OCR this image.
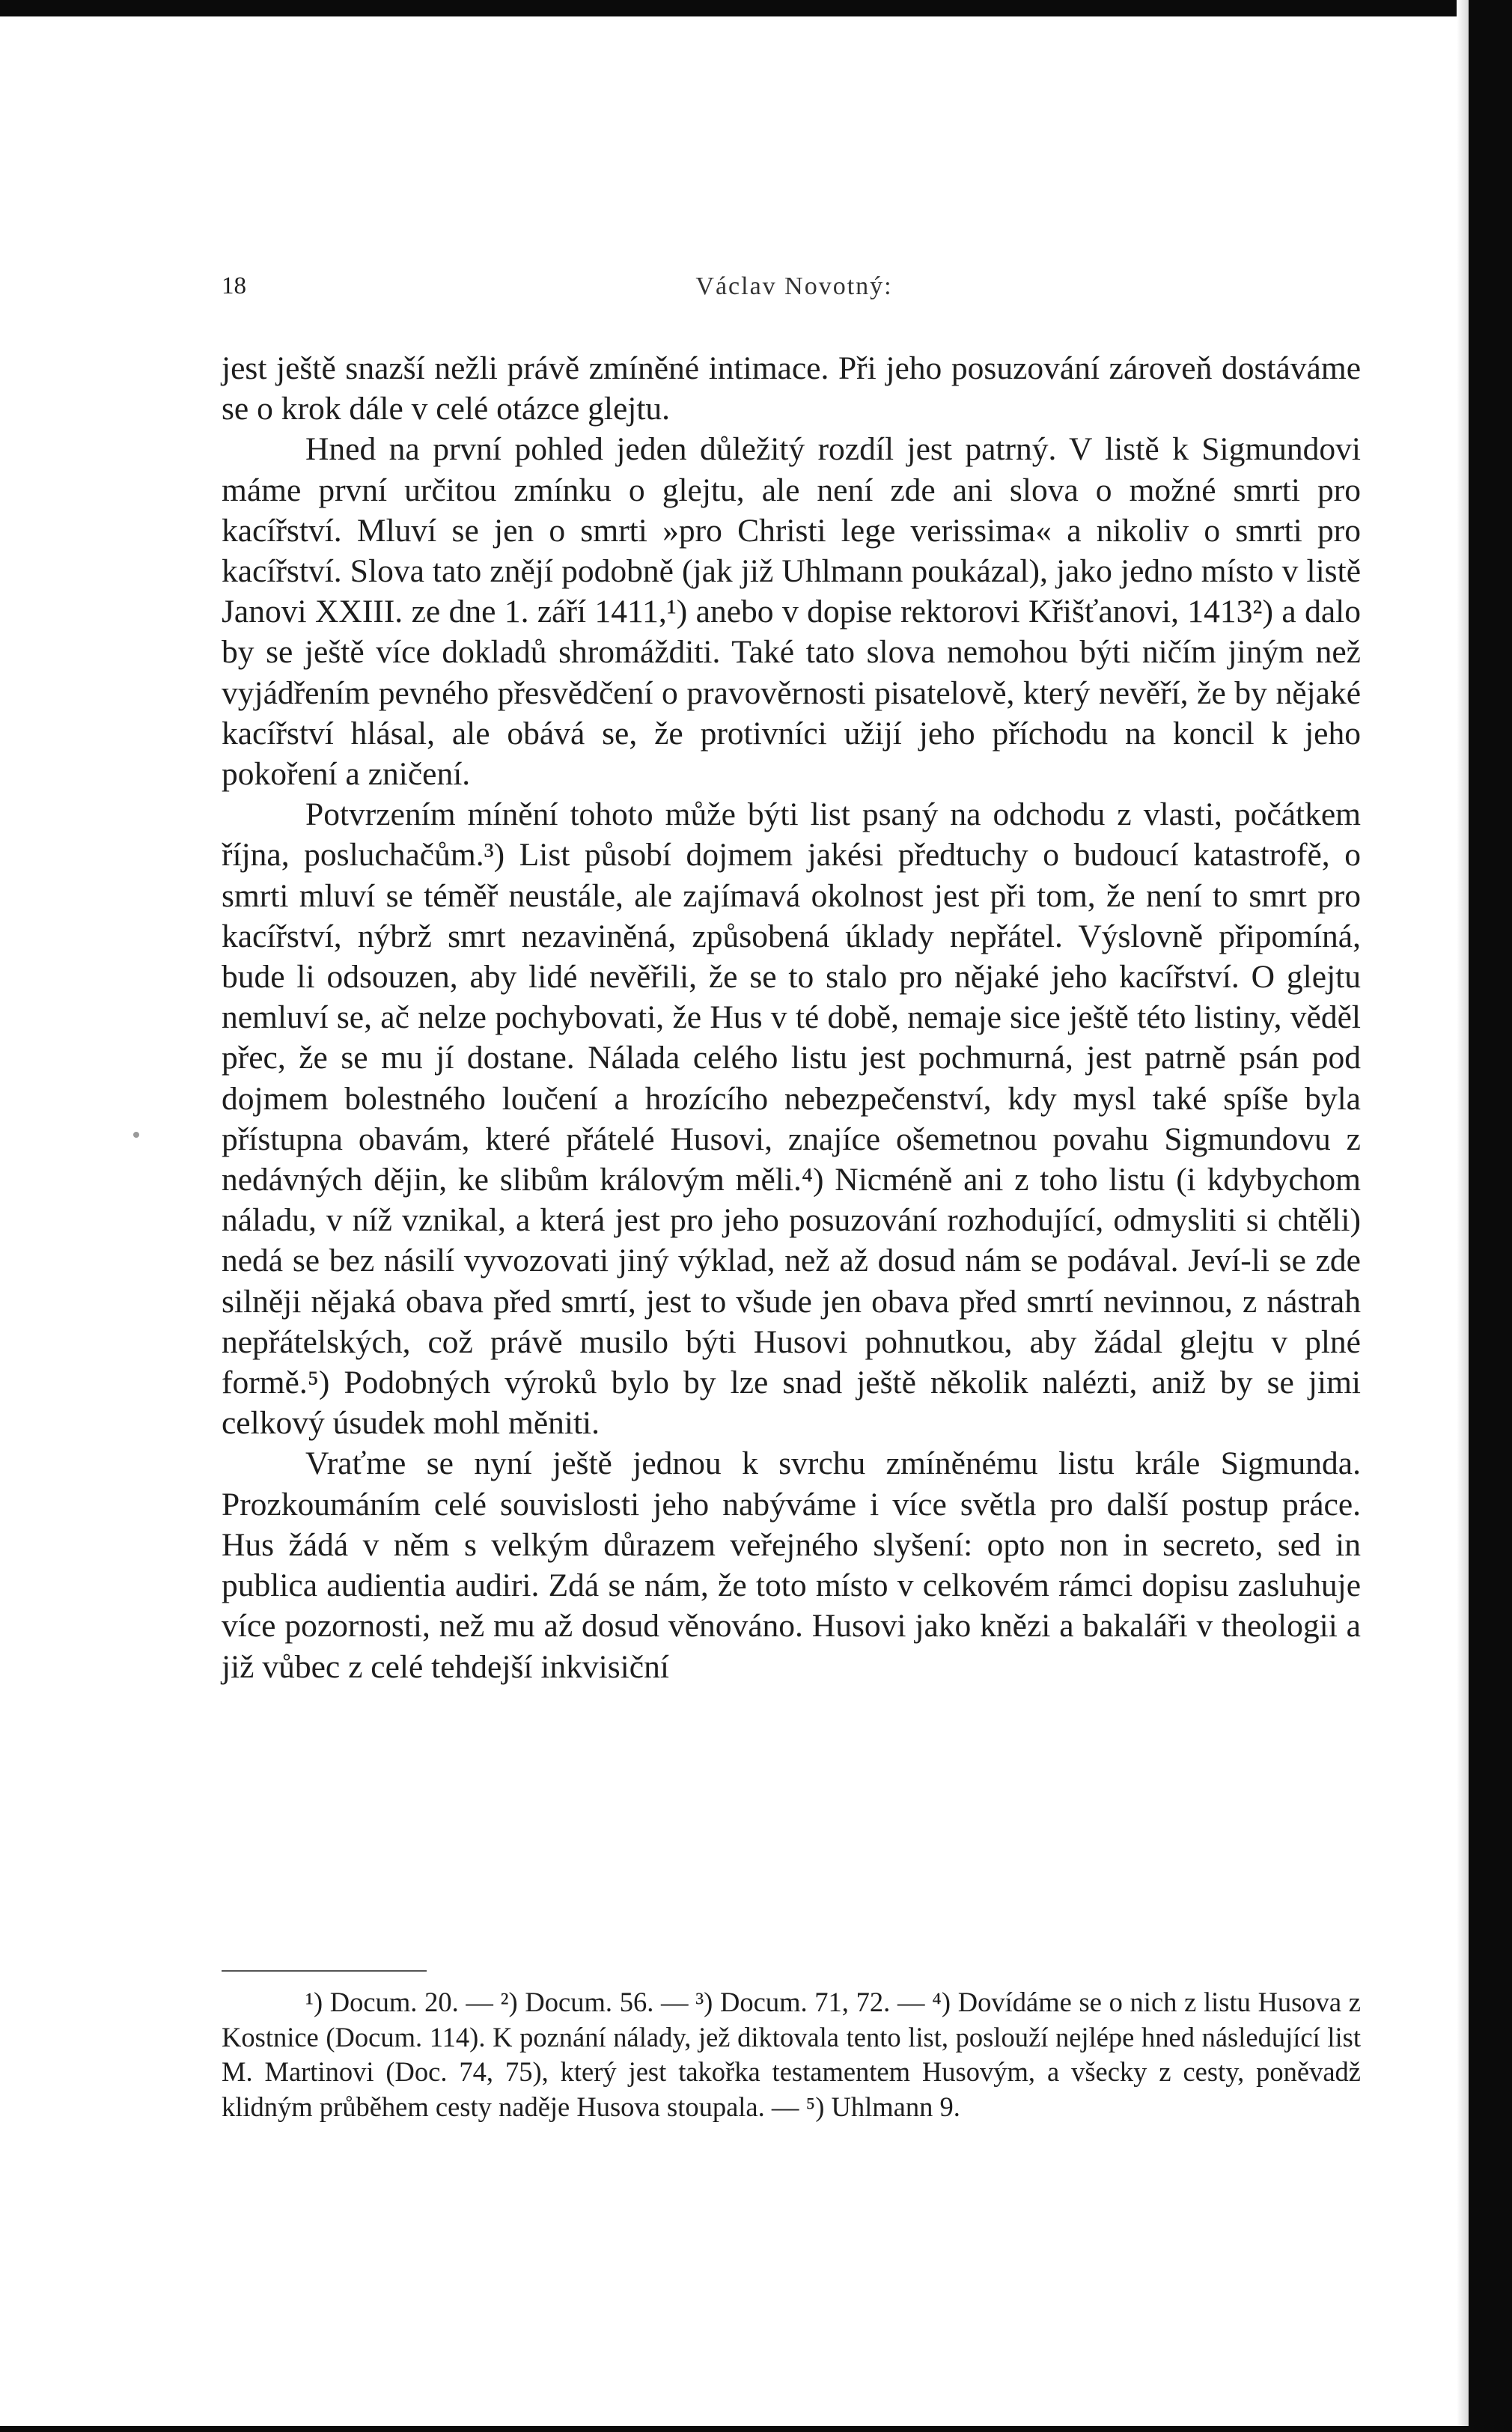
18	Václav Novotný:

jest ještě snazší nežli právě zmíněné intimace. Při jeho posuzování zároveň dostáváme se o krok dále v celé otázce glejtu.

Hned na první pohled jeden důležitý rozdíl jest patrný. V listě k Sigmundovi máme první určitou zmínku o glejtu, ale není zde ani slova o možné smrti pro kacířství. Mluví se jen o smrti »pro Christi lege verissima« a nikoliv o smrti pro kacířství. Slova tato znějí podobně (jak již Uhlmann poukázal), jako jedno místo v listě Janovi XXIII. ze dne 1. září 1411,¹) anebo v dopise rektorovi Křišťanovi, 1413²) a dalo by se ještě více dokladů shromážditi. Také tato slova nemohou býti ničím jiným než vyjádřením pevného přesvědčení o pravověrnosti pisatelově, který nevěří, že by nějaké kacířství hlásal, ale obává se, že protivníci užijí jeho příchodu na koncil k jeho pokoření a zničení.

Potvrzením mínění tohoto může býti list psaný na odchodu z vlasti, počátkem října, posluchačům.³) List působí dojmem jakési předtuchy o budoucí katastrofě, o smrti mluví se téměř neustále, ale zajímavá okolnost jest při tom, že není to smrt pro kacířství, nýbrž smrt nezaviněná, způsobená úklady nepřátel. Výslovně připomíná, bude li odsouzen, aby lidé nevěřili, že se to stalo pro nějaké jeho kacířství. O glejtu nemluví se, ač nelze pochybovati, že Hus v té době, nemaje sice ještě této listiny, věděl přec, že se mu jí dostane. Nálada celého listu jest pochmurná, jest patrně psán pod dojmem bolestného loučení a hrozícího nebezpečenství, kdy mysl také spíše byla přístupna obavám, které přátelé Husovi, znajíce ošemetnou povahu Sigmundovu z nedávných dějin, ke slibům královým měli.⁴) Nicméně ani z toho listu (i kdybychom náladu, v níž vznikal, a která jest pro jeho posuzování rozhodující, odmysliti si chtěli) nedá se bez násilí vyvozovati jiný výklad, než až dosud nám se podával. Jeví-li se zde silněji nějaká obava před smrtí, jest to všude jen obava před smrtí nevinnou, z nástrah nepřátelských, což právě musilo býti Husovi pohnutkou, aby žádal glejtu v plné formě.⁵) Podobných výroků bylo by lze snad ještě několik nalézti, aniž by se jimi celkový úsudek mohl měniti.

Vraťme se nyní ještě jednou k svrchu zmíněnému listu krále Sigmunda. Prozkoumáním celé souvislosti jeho nabýváme i více světla pro další postup práce. Hus žádá v něm s velkým důrazem veřejného slyšení: opto non in secreto, sed in publica audientia audiri. Zdá se nám, že toto místo v celkovém rámci dopisu zasluhuje více pozornosti, než mu až dosud věnováno. Husovi jako knězi a bakaláři v theologii a již vůbec z celé tehdejší inkvisiční

¹) Docum. 20. — ²) Docum. 56. — ³) Docum. 71, 72. — ⁴) Dovídáme se o nich z listu Husova z Kostnice (Docum. 114). K poznání nálady, jež diktovala tento list, poslouží nejlépe hned následující list M. Martinovi (Doc. 74, 75), který jest takořka testamentem Husovým, a všecky z cesty, poněvadž klidným průběhem cesty naděje Husova stoupala. — ⁵) Uhlmann 9.
